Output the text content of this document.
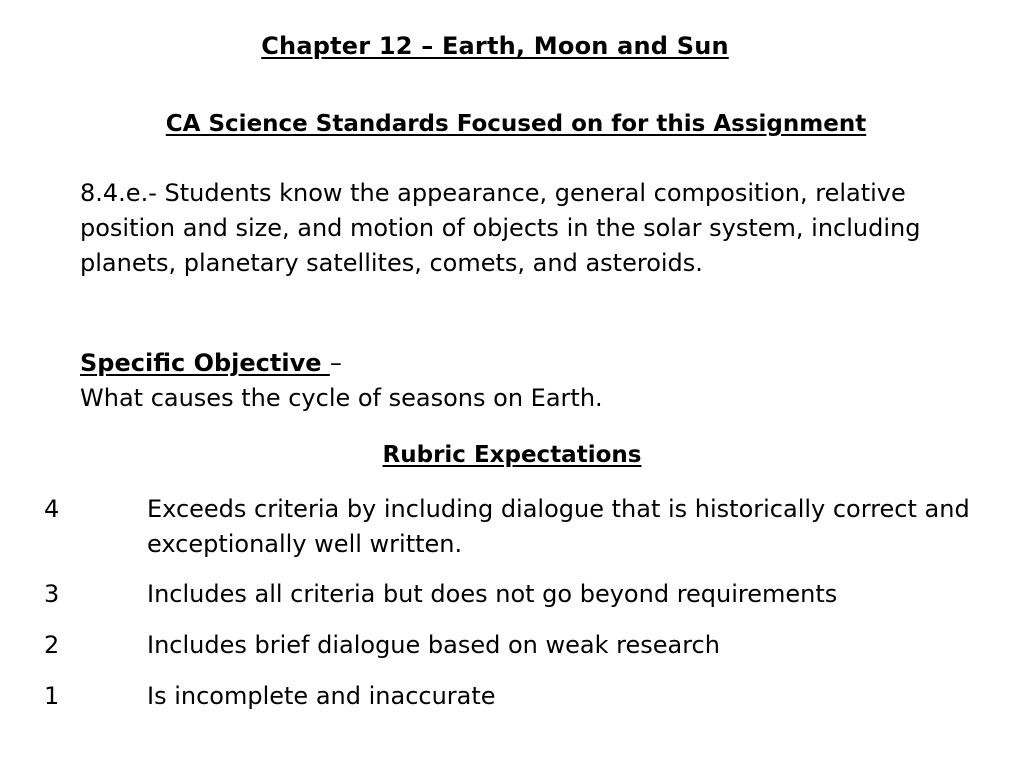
Chapter 12 – Earth, Moon and Sun
CA Science Standards Focused on for this Assignment
8.4.e.- Students know the appearance, general composition, relative position and size, and motion of objects in the solar system, including planets, planetary satellites, comets, and asteroids.
Specific Objective –
What causes the cycle of seasons on Earth.
Rubric Expectations
4	Exceeds criteria by including dialogue that is historically correct and exceptionally well written.
3	Includes all criteria but does not go beyond requirements
2	Includes brief dialogue based on weak research
1	Is incomplete and inaccurate
